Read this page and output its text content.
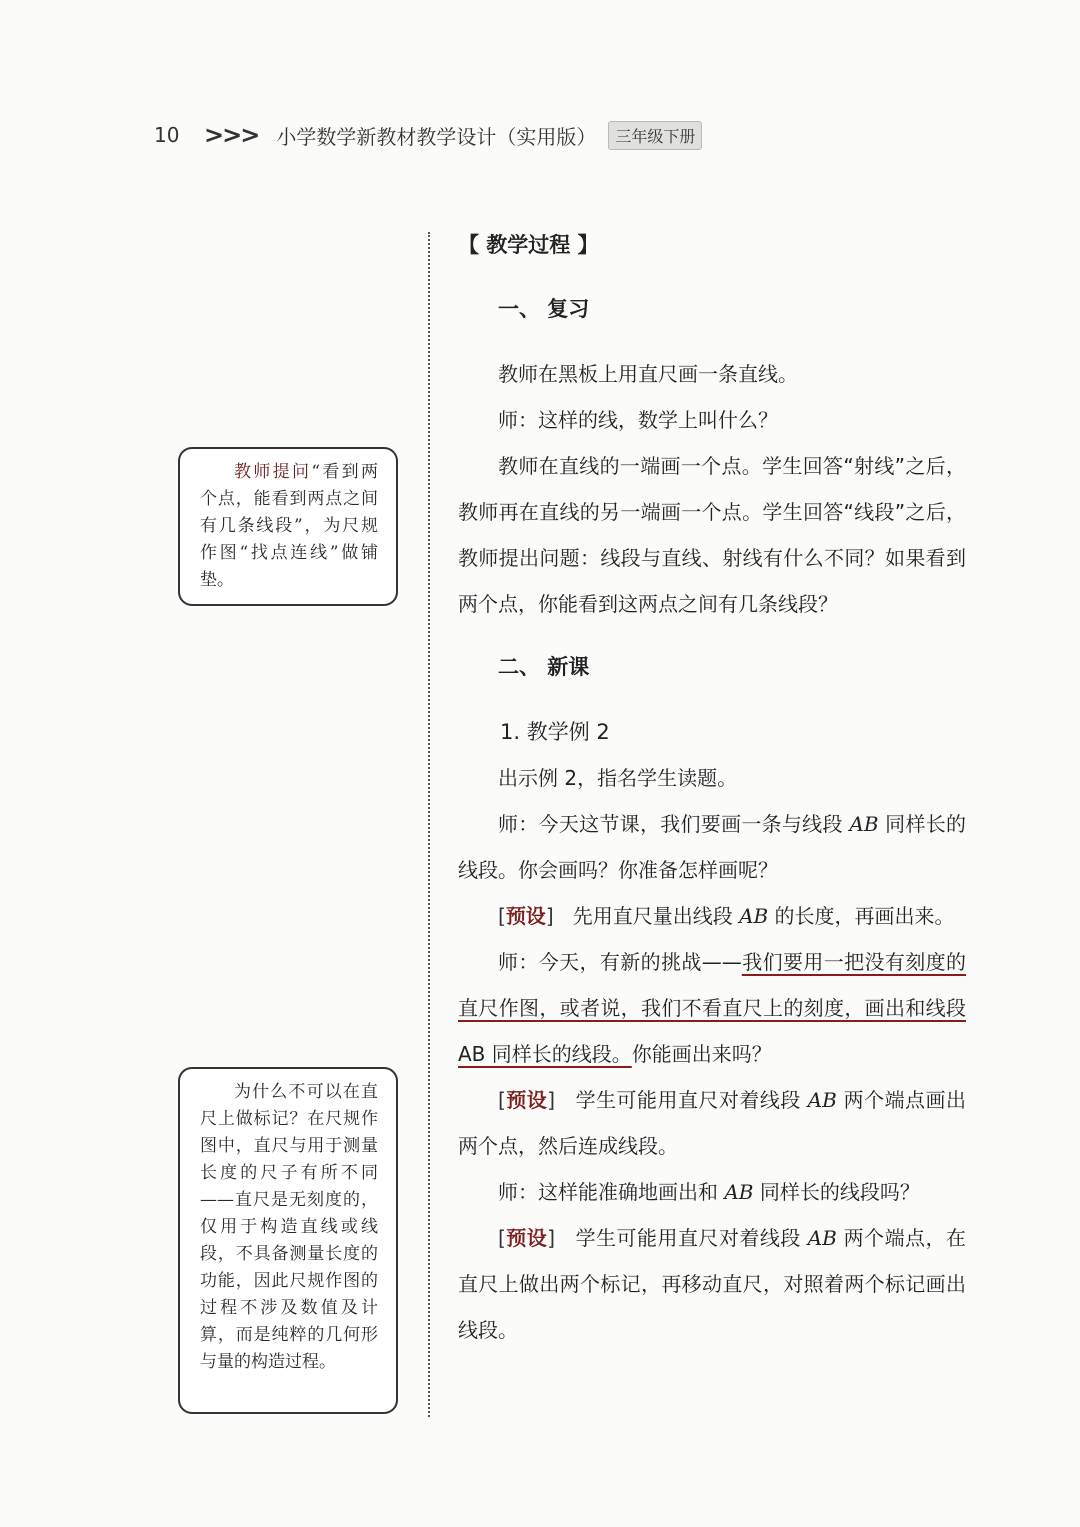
10	>>> 小学数学新教材教学设计（实用版）	三年级下册
教师提问“看到两个点，能看到两点之间有几条线段”，为尺规作图“找点连线”做铺垫。
为什么不可以在直尺上做标记？在尺规作图中，直尺与用于测量长度的尺子有所不同——直尺是无刻度的，仅用于构造直线或线段，不具备测量长度的功能，因此尺规作图的过程不涉及数值及计算，而是纯粹的几何形与量的构造过程。

【 教学过程 】

一、 复习

教师在黑板上用直尺画一条直线。

师：这样的线，数学上叫什么？

教师在直线的一端画一个点。学生回答“射线”之后，教师再在直线的另一端画一个点。学生回答“线段”之后，教师提出问题：线段与直线、射线有什么不同？如果看到两个点，你能看到这两点之间有几条线段？

二、 新课

1. 教学例 2

出示例 2，指名学生读题。

师：今天这节课，我们要画一条与线段 AB 同样长的线段。你会画吗？你准备怎样画呢？

[预设] 先用直尺量出线段 AB 的长度，再画出来。

师：今天，有新的挑战——我们要用一把没有刻度的直尺作图，或者说，我们不看直尺上的刻度，画出和线段 AB 同样长的线段。你能画出来吗？

[预设] 学生可能用直尺对着线段 AB 两个端点画出两个点，然后连成线段。

师：这样能准确地画出和 AB 同样长的线段吗？

[预设] 学生可能用直尺对着线段 AB 两个端点，在直尺上做出两个标记，再移动直尺，对照着两个标记画出线段。
